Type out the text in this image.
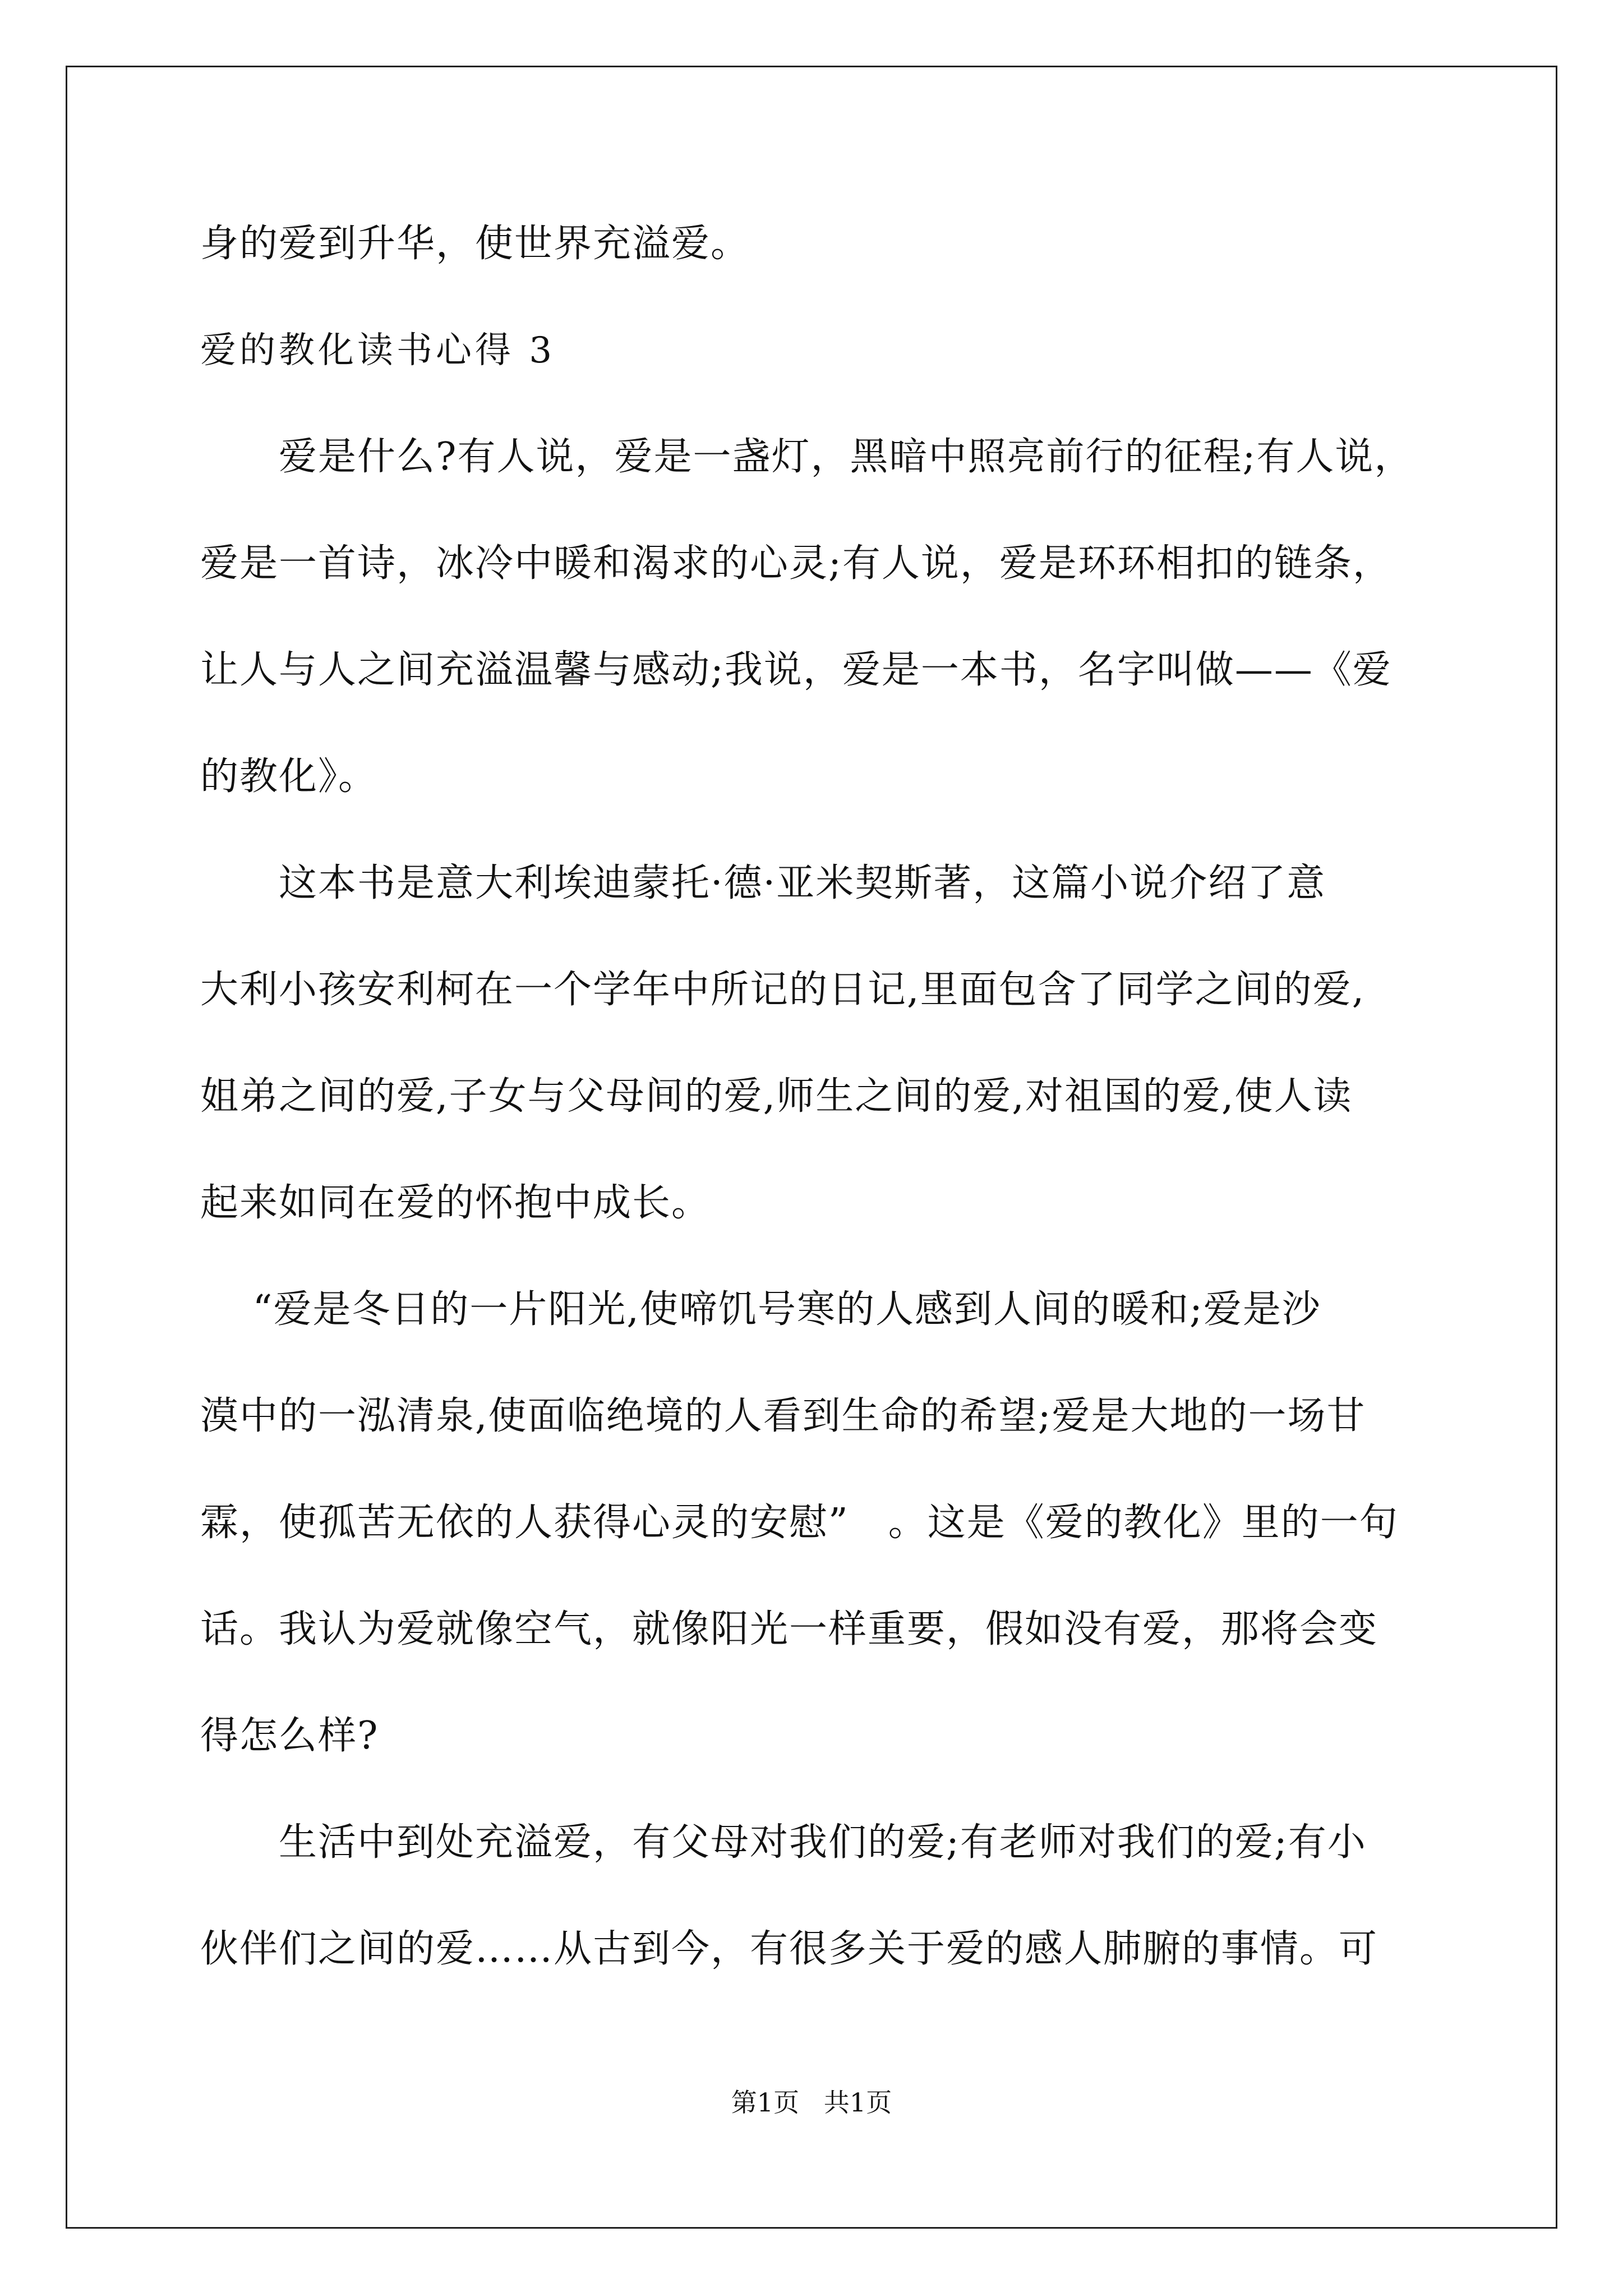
身的爱到升华，使世界充溢爱。
爱的教化读书心得 3
　　爱是什么?有人说，爱是一盏灯，黑暗中照亮前行的征程;有人说，
爱是一首诗，冰冷中暖和渴求的心灵;有人说，爱是环环相扣的链条，
让人与人之间充溢温馨与感动;我说，爱是一本书，名字叫做——《爱
的教化》。
　　这本书是意大利埃迪蒙托·德·亚米契斯著，这篇小说介绍了意
大利小孩安利柯在一个学年中所记的日记,里面包含了同学之间的爱,
姐弟之间的爱,子女与父母间的爱,师生之间的爱,对祖国的爱,使人读
起来如同在爱的怀抱中成长。
　 “爱是冬日的一片阳光,使啼饥号寒的人感到人间的暖和;爱是沙
漠中的一泓清泉,使面临绝境的人看到生命的希望;爱是大地的一场甘
霖，使孤苦无依的人获得心灵的安慰”　。这是《爱的教化》里的一句
话。我认为爱就像空气，就像阳光一样重要，假如没有爱，那将会变
得怎么样?
　　生活中到处充溢爱，有父母对我们的爱;有老师对我们的爱;有小
伙伴们之间的爱……从古到今，有很多关于爱的感人肺腑的事情。可
第1页   共1页
